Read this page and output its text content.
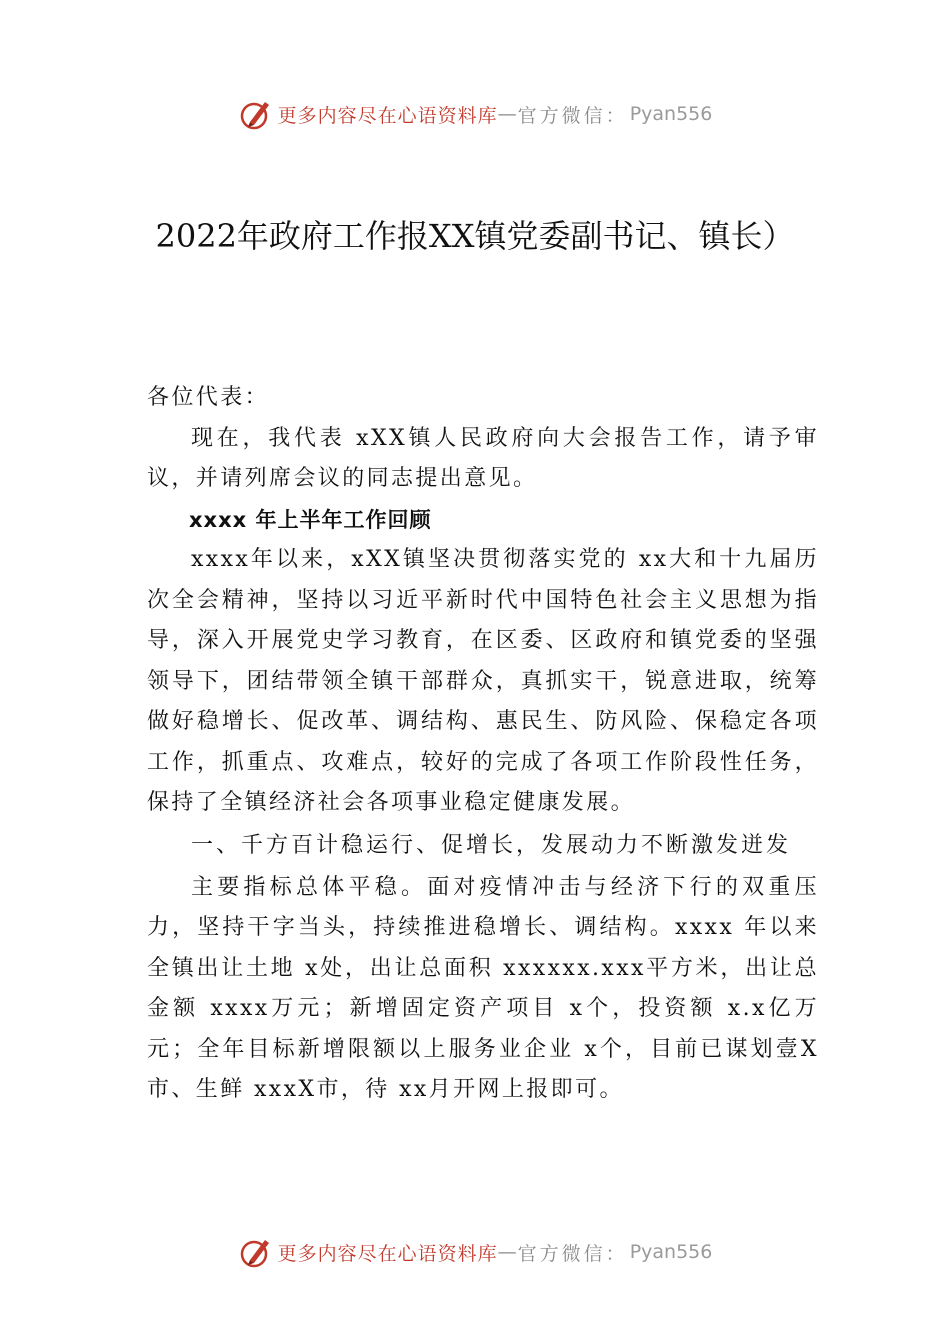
更多内容尽在心语资料库 — 官方微信： Pyan556
2022年政府工作报XX镇党委副书记、镇长）

各位代表：

现在，我代表 xXX镇人民政府向大会报告工作，请予审议，并请列席会议的同志提出意见。

xxxx 年上半年工作回顾

xxxx年以来，xXX镇坚决贯彻落实党的 xx大和十九届历次全会精神，坚持以习近平新时代中国特色社会主义思想为指导，深入开展党史学习教育，在区委、区政府和镇党委的坚强领导下，团结带领全镇干部群众，真抓实干，锐意进取，统筹做好稳增长、促改革、调结构、惠民生、防风险、保稳定各项工作，抓重点、攻难点，较好的完成了各项工作阶段性任务，保持了全镇经济社会各项事业稳定健康发展。

一、千方百计稳运行、促增长，发展动力不断激发迸发

主要指标总体平稳。面对疫情冲击与经济下行的双重压力，坚持干字当头，持续推进稳增长、调结构。xxxx 年以来全镇出让土地 x处，出让总面积 xxxxxx.xxx平方米，出让总金额 xxxx万元；新增固定资产项目 x个，投资额 x.x亿万元；全年目标新增限额以上服务业企业 x个，目前已谋划壹X市、生鲜 xxxX市，待 xx月开网上报即可。

更多内容尽在心语资料库 — 官方微信： Pyan556
